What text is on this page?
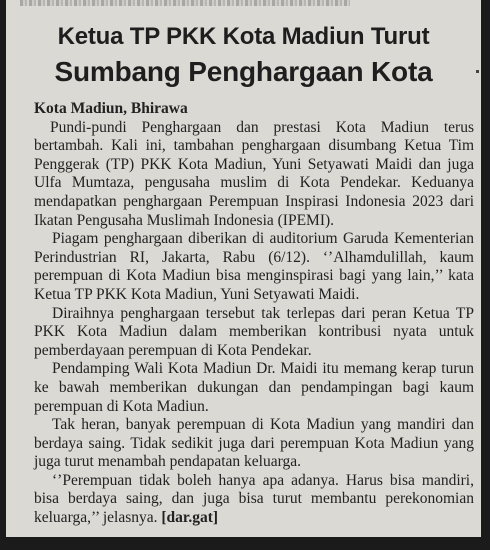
Ketua TP PKK Kota Madiun Turut
Sumbang Penghargaan Kota
Kota Madiun, Bhirawa

Pundi-pundi Penghargaan dan prestasi Kota Madiun terus bertambah. Kali ini, tambahan penghargaan disumbang Ketua Tim Penggerak (TP) PKK Kota Madiun, Yuni Setyawati Maidi dan juga Ulfa Mumtaza, pengusaha muslim di Kota Pendekar. Keduanya mendapatkan penghargaan Perempuan Inspirasi Indonesia 2023 dari Ikatan Pengusaha Muslimah Indonesia (IPEMI).

Piagam penghargaan diberikan di auditorium Garuda Kementerian Perindustrian RI, Jakarta, Rabu (6/12). ‘’Alhamdulillah, kaum perempuan di Kota Madiun bisa menginspirasi bagi yang lain,’’ kata Ketua TP PKK Kota Madiun, Yuni Setyawati Maidi.

Diraihnya penghargaan tersebut tak terlepas dari peran Ketua TP PKK Kota Madiun dalam memberikan kontribusi nyata untuk pemberdayaan perempuan di Kota Pendekar.

Pendamping Wali Kota Madiun Dr. Maidi itu memang kerap turun ke bawah memberikan dukungan dan pendampingan bagi kaum perempuan di Kota Madiun.

Tak heran, banyak perempuan di Kota Madiun yang mandiri dan berdaya saing. Tidak sedikit juga dari perempuan Kota Madiun yang juga turut menambah pendapatan keluarga.

‘’Perempuan tidak boleh hanya apa adanya. Harus bisa mandiri, bisa berdaya saing, dan juga bisa turut membantu perekonomian keluarga,’’ jelasnya. [dar.gat]
